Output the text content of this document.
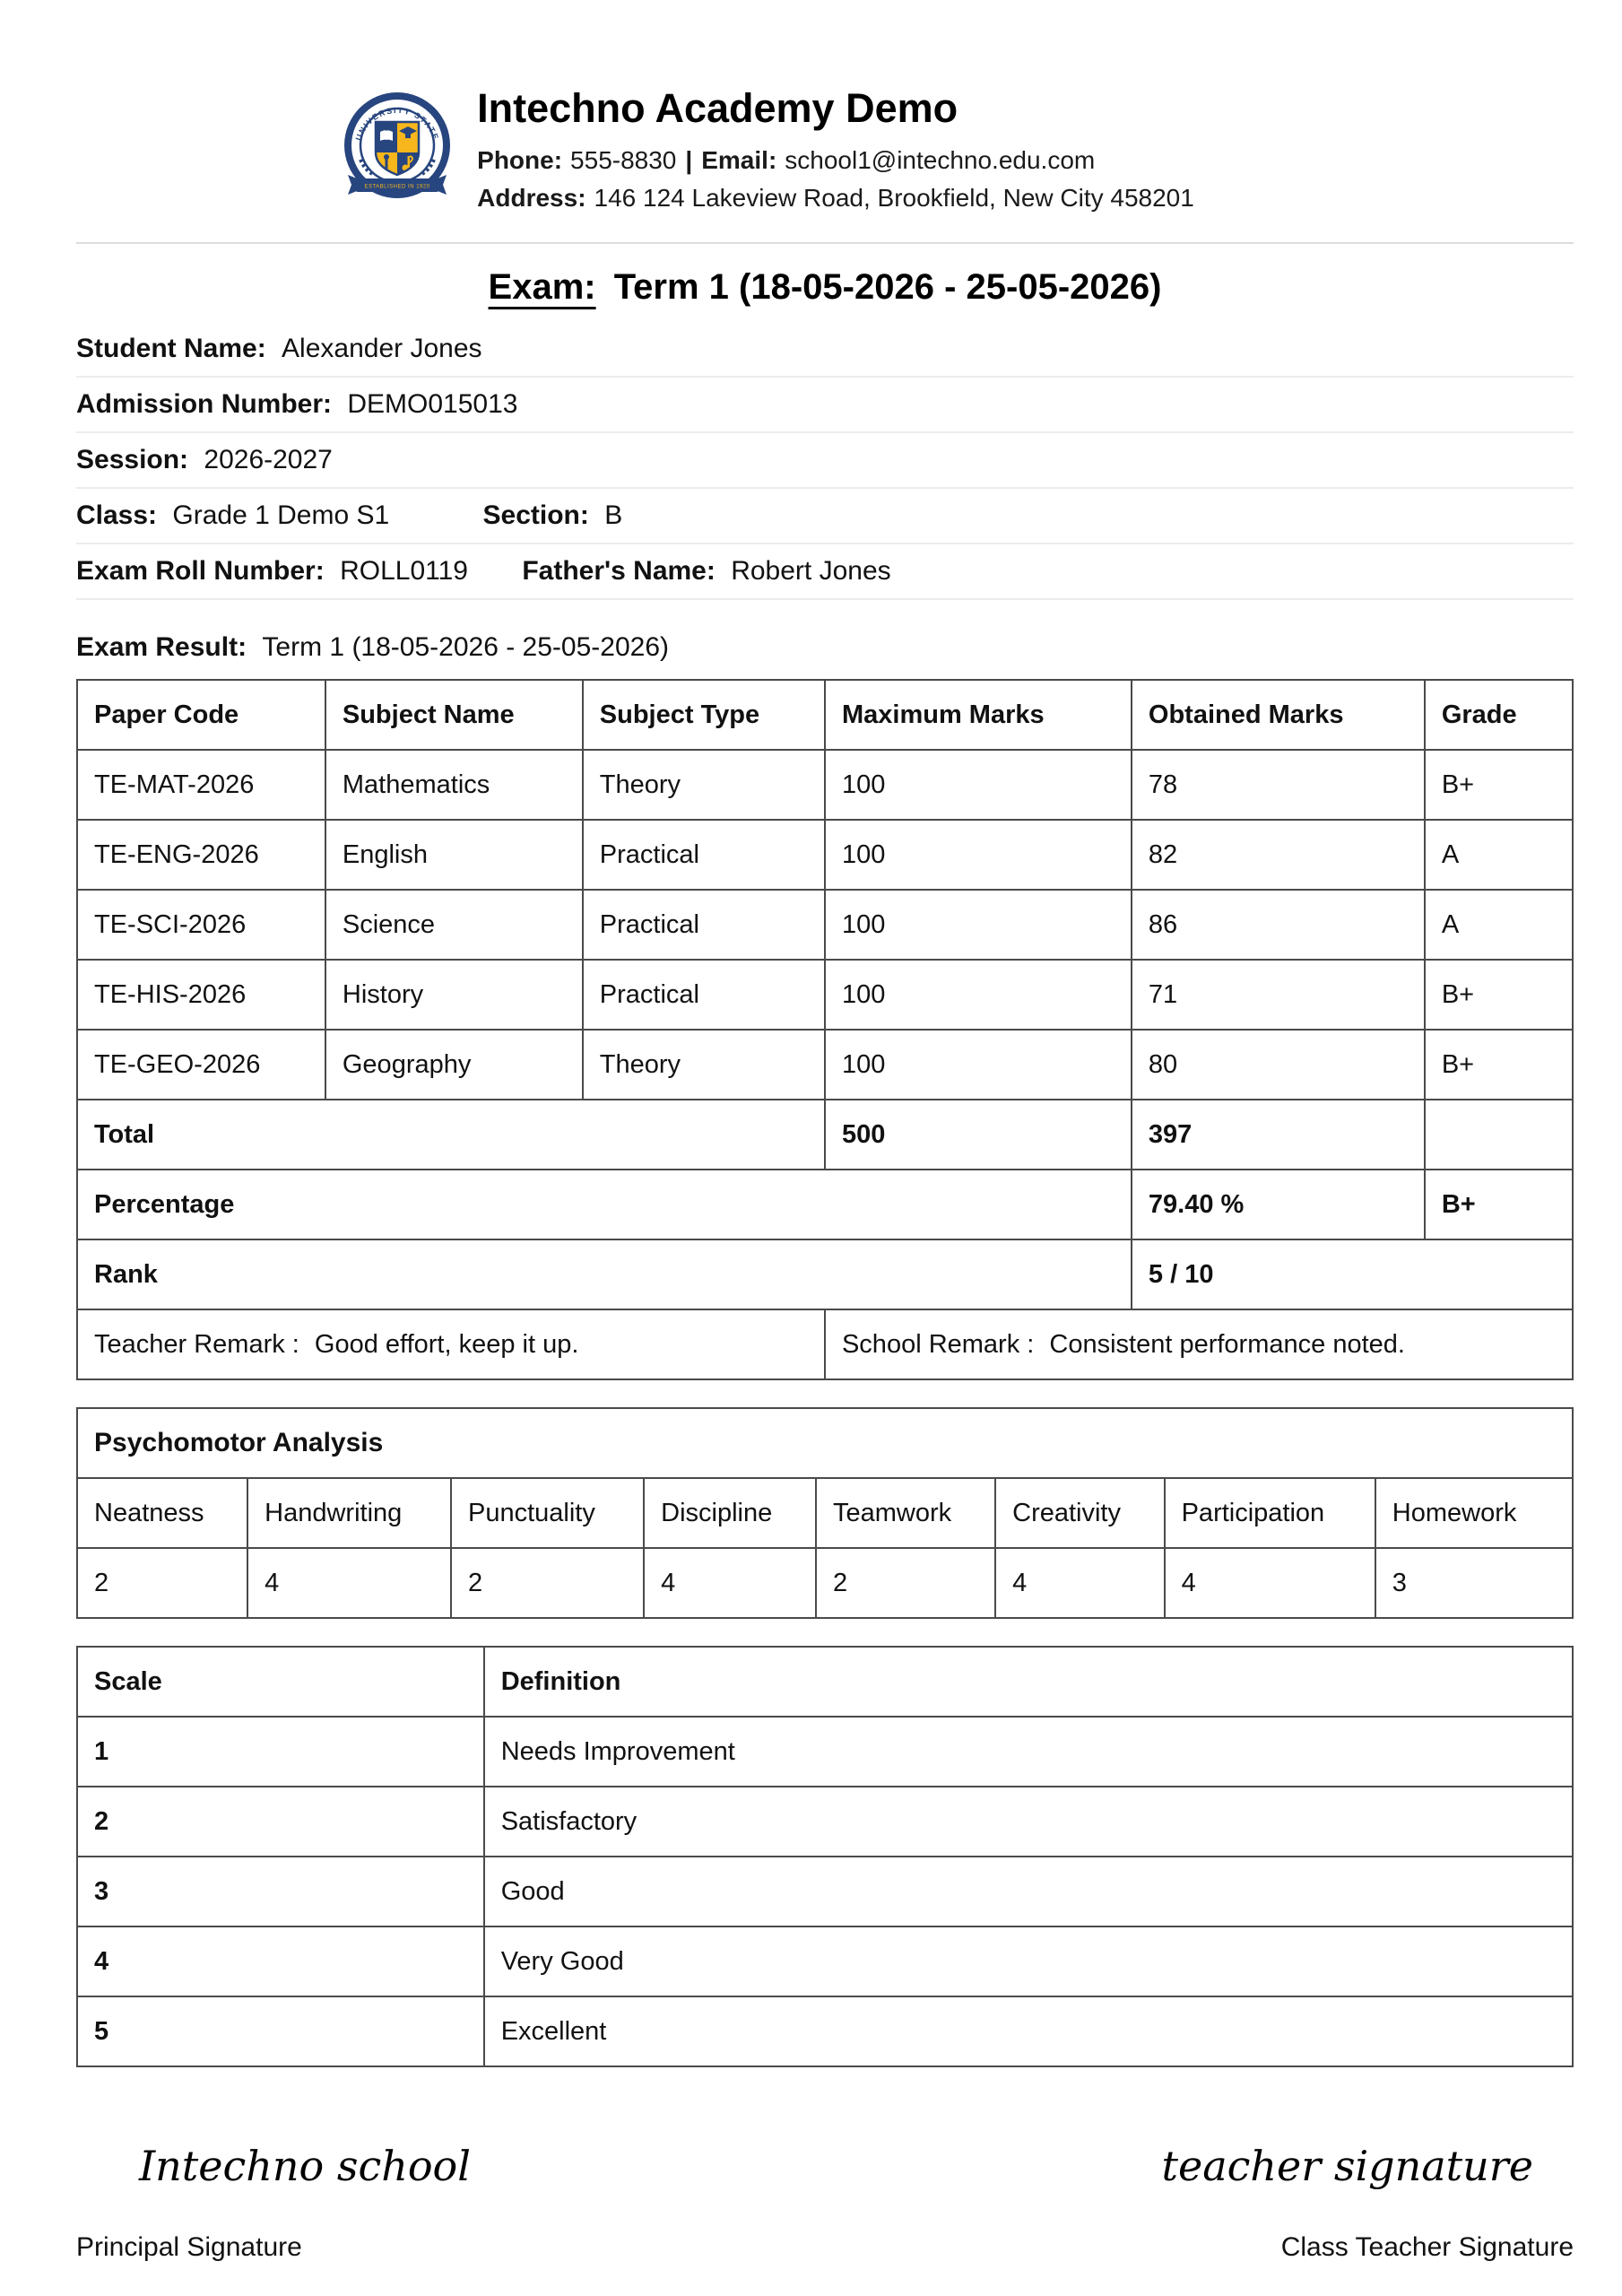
UNIVERSITY STATE
ESTABLISHED IN 1920
Intechno Academy Demo

Phone: 555-8830 | Email: school1@intechno.edu.com

Address: 146 124 Lakeview Road, Brookfield, New City 458201

Exam: Term 1 (18-05-2026 - 25-05-2026)
Student Name: Alexander Jones
Admission Number: DEMO015013
Session: 2026-2027
Class: Grade 1 Demo S1	Section: B
Exam Roll Number: ROLL0119 Father's Name: Robert Jones
Exam Result: Term 1 (18-05-2026 - 25-05-2026)
Paper Code	Subject Name	Subject Type	Maximum Marks	Obtained Marks	Grade
TE-MAT-2026	Mathematics	Theory	100	78	B+
TE-ENG-2026	English	Practical	100	82	A
TE-SCI-2026	Science	Practical	100	86	A
TE-HIS-2026	History	Practical	100	71	B+
TE-GEO-2026	Geography	Theory	100	80	B+
Total			500	397	
Percentage				79.40 %	B+
Rank				5 / 10	
Teacher Remark : Good effort, keep it up.			School Remark : Consistent performance noted.		
Psychomotor Analysis							
Neatness	Handwriting	Punctuality	Discipline	Teamwork	Creativity	Participation	Homework
2	4	2	4	2	4	4	3
Scale	Definition
1	Needs Improvement
2	Satisfactory
3	Good
4	Very Good
5	Excellent
Intechno school
Principal Signature
teacher signature
Class Teacher Signature
